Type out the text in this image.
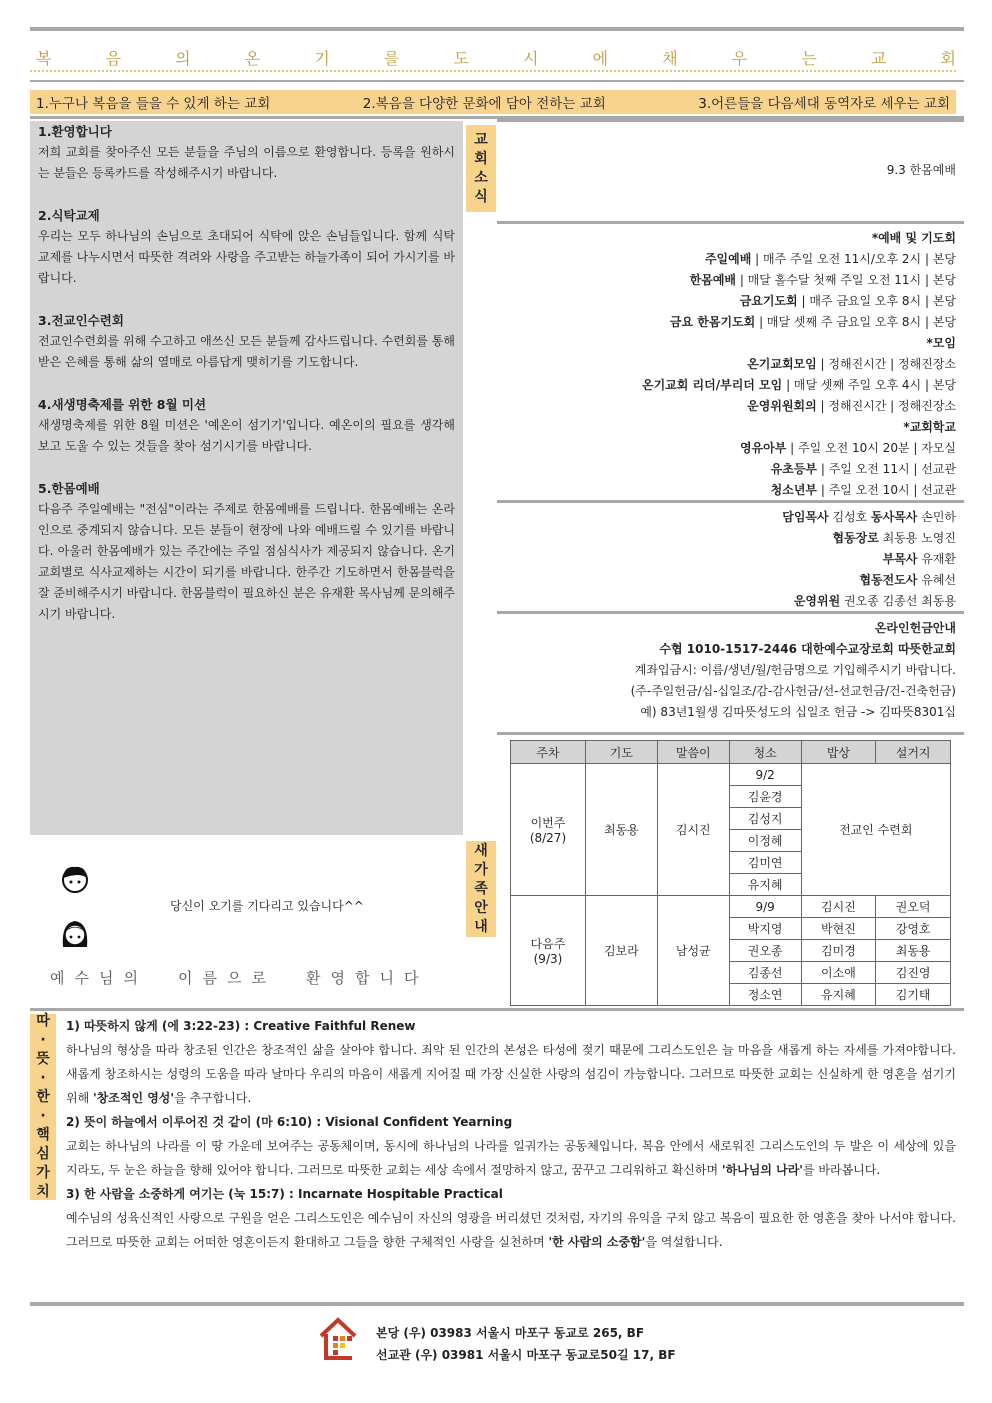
복	음	의	온	기	를	도	시	에	채	우	는	교	회
1.누구나 복음을 들을 수 있게 하는 교회	2.복음을 다양한 문화에 담아 전하는 교회	3.어른들을 다음세대 동역자로 세우는 교회
1.환영합니다

저희 교회를 찾아주신 모든 분들을 주님의 이름으로 환영합니다. 등록을 원하시는 분들은 등록카드를 작성해주시기 바랍니다.

2.식탁교제

우리는 모두 하나님의 손님으로 초대되어 식탁에 앉은 손님들입니다. 함께 식탁교제를 나누시면서 따뜻한 격려와 사랑을 주고받는 하늘가족이 되어 가시기를 바랍니다.

3.전교인수련회

전교인수련회를 위해 수고하고 애쓰신 모든 분들께 감사드립니다. 수련회를 통해 받은 은혜를 통해 삶의 열매로 아름답게 맺히기를 기도합니다.

4.새생명축제를 위한 8월 미션

새생명축제를 위한 8월 미션은 '예온이 섬기기'입니다. 예온이의 필요를 생각해보고 도울 수 있는 것들을 찾아 섬기시기를 바랍니다.

5.한몸예배

다음주 주일예배는 "전심"이라는 주제로 한몸예배를 드립니다. 한몸예배는 온라인으로 중계되지 않습니다. 모든 분들이 현장에 나와 예배드릴 수 있기를 바랍니다. 아울러 한몸예배가 있는 주간에는 주일 점심식사가 제공되지 않습니다. 온기교회별로 식사교제하는 시간이 되기를 바랍니다. 한주간 기도하면서 한몸블럭을 잘 준비해주시기 바랍니다. 한몸블럭이 필요하신 분은 유재환 목사님께 문의해주시기 바랍니다.

교
회
소
식
9.3 한몸예배
*예배 및 기도회
주일예배 | 매주 주일 오전 11시/오후 2시 | 본당
한몸예배 | 매달 홀수달 첫째 주일 오전 11시 | 본당
금요기도회 | 매주 금요일 오후 8시 | 본당
금요 한몸기도회 | 매달 셋째 주 금요일 오후 8시 | 본당
*모임
온기교회모임 | 정해진시간 | 정해진장소
온기교회 리더/부리더 모임 | 매달 셋째 주일 오후 4시 | 본당
운영위원회의 | 정해진시간 | 정해진장소
*교회학교
영유아부 | 주일 오전 10시 20분 | 자모실
유초등부 | 주일 오전 11시 | 선교관
청소년부 | 주일 오전 10시 | 선교관
담임목사 김성호 동사목사 손민하
협동장로 최동용 노영진
부목사 유재환
협동전도사 유혜선
운영위원 권오종 김종선 최동용
온라인헌금안내
수협 1010-1517-2446 대한예수교장로회 따뜻한교회
계좌입금시: 이름/생년/월/헌금명으로 기입해주시기 바랍니다.
(주-주일헌금/십-십일조/감-감사헌금/선-선교헌금/건-건축헌금)
예) 83년1월생 김따뜻성도의 십일조 헌금 -> 김따뜻8301십
새
가
족
안
내
당신이 오기를 기다리고 있습니다^^
예 수 님 의	이 름 으 로	환 영 합 니 다
주차	기도	말씀이	청소	밥상	설거지
이번주
(8/27)	최동용	김시진	9/2	전교인 수련회	
			김윤경		
			김성지		
			이정혜		
			김미연		
			유지혜		
다음주
(9/3)	김보라	남성균	9/9	김시진	권오덕
			박지영	박현진	강영호
			권오종	김미경	최동용
			김종선	이소애	김진영
			정소연	유지혜	김기태
따
·
뜻
·
한
·
핵
심
가
치
1) 따뜻하지 않게 (에 3:22-23) : Creative Faithful Renew

하나님의 형상을 따라 창조된 인간은 창조적인 삶을 살아야 합니다. 죄악 된 인간의 본성은 타성에 젖기 때문에 그리스도인은 늘 마음을 새롭게 하는 자세를 가져야합니다. 새롭게 창조하시는 성령의 도움을 따라 날마다 우리의 마음이 새롭게 지어질 때 가장 신실한 사랑의 섬김이 가능합니다. 그러므로 따뜻한 교회는 신실하게 한 영혼을 섬기기 위해 '창조적인 영성'을 추구합니다.

2) 뜻이 하늘에서 이루어진 것 같이 (마 6:10) : Visional Confident Yearning

교회는 하나님의 나라를 이 땅 가운데 보여주는 공동체이며, 동시에 하나님의 나라를 일궈가는 공동체입니다. 복음 안에서 새로워진 그리스도인의 두 발은 이 세상에 있을 지라도, 두 눈은 하늘을 향해 있어야 합니다. 그러므로 따뜻한 교회는 세상 속에서 절망하지 않고, 꿈꾸고 그리워하고 확신하며 '하나님의 나라'를 바라봅니다.

3) 한 사람을 소중하게 여기는 (눅 15:7) : Incarnate Hospitable Practical

예수님의 성육신적인 사랑으로 구원을 얻은 그리스도인은 예수님이 자신의 영광을 버리셨던 것처럼, 자기의 유익을 구치 않고 복음이 필요한 한 영혼을 찾아 나서야 합니다. 그러므로 따뜻한 교회는 어떠한 영혼이든지 환대하고 그들을 향한 구체적인 사랑을 실천하며 '한 사람의 소중함'을 역설합니다.

본당 (우) 03983 서울시 마포구 동교로 265, BF
선교관 (우) 03981 서울시 마포구 동교로50길 17, BF
